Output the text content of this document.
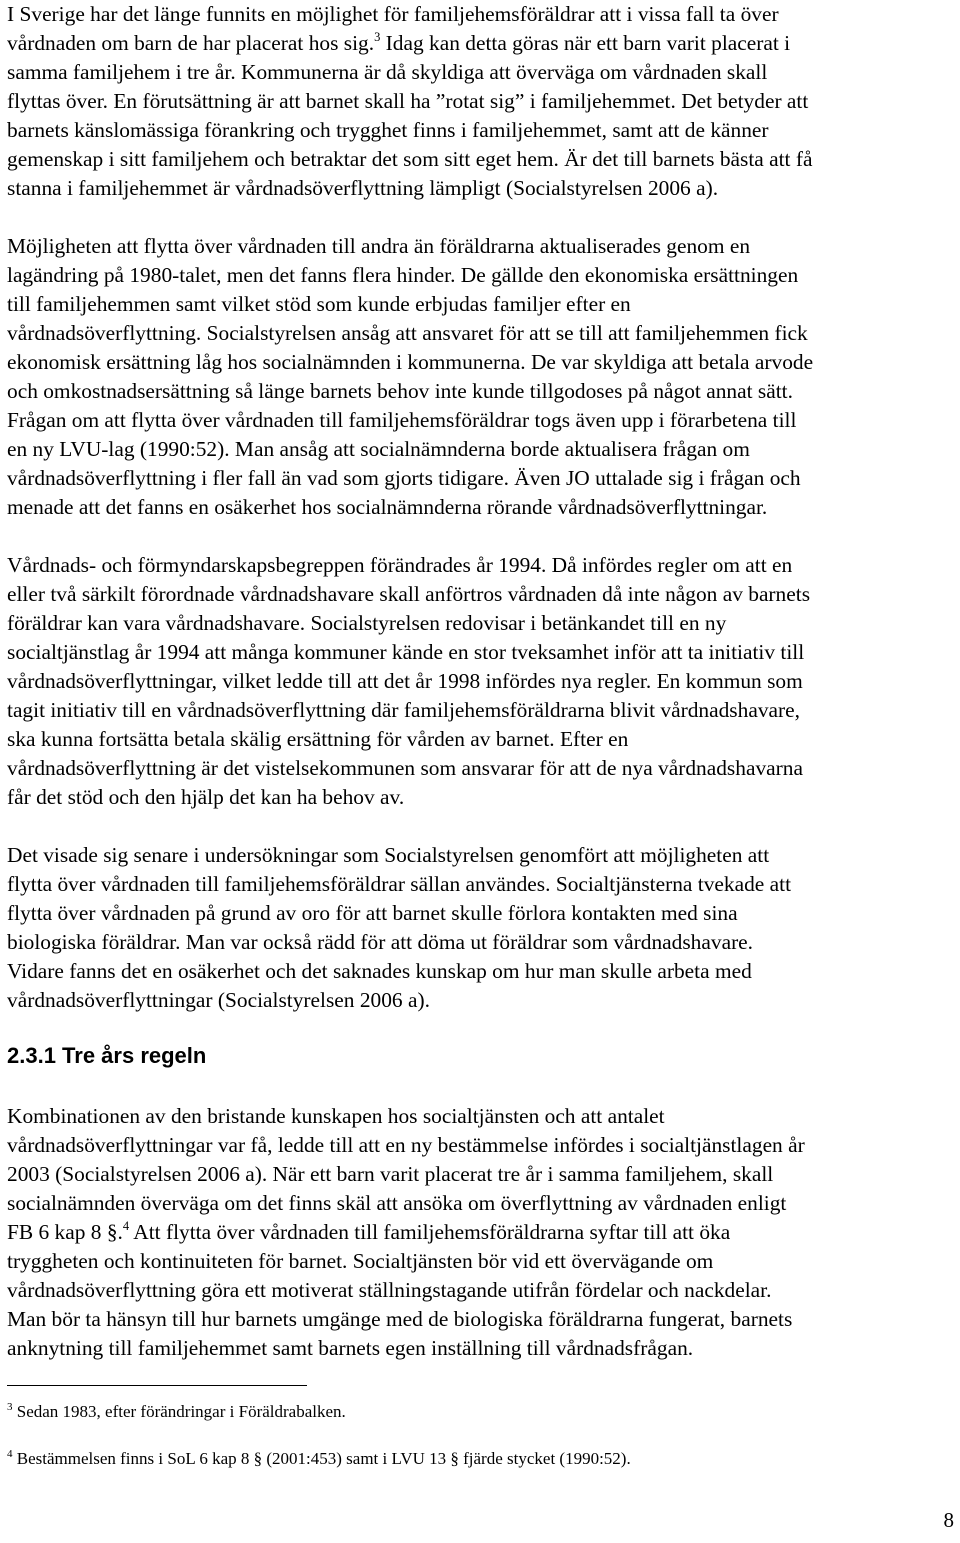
I Sverige har det länge funnits en möjlighet för familjehemsföräldrar att i vissa fall ta över
vårdnaden om barn de har placerat hos sig.$^3$ Idag kan detta göras när ett barn varit placerat i
samma familjehem i tre år. Kommunerna är då skyldiga att överväga om vårdnaden skall
flyttas över. En förutsättning är att barnet skall ha ”rotat sig” i familjehemmet. Det betyder att
barnets känslomässiga förankring och trygghet finns i familjehemmet, samt att de känner
gemenskap i sitt familjehem och betraktar det som sitt eget hem. Är det till barnets bästa att få
stanna i familjehemmet är vårdnadsöverflyttning lämpligt (Socialstyrelsen 2006 a).
Möjligheten att flytta över vårdnaden till andra än föräldrarna aktualiserades genom en
lagändring på 1980-talet, men det fanns flera hinder. De gällde den ekonomiska ersättningen
till familjehemmen samt vilket stöd som kunde erbjudas familjer efter en
vårdnadsöverflyttning. Socialstyrelsen ansåg att ansvaret för att se till att familjehemmen fick
ekonomisk ersättning låg hos socialnämnden i kommunerna. De var skyldiga att betala arvode
och omkostnadsersättning så länge barnets behov inte kunde tillgodoses på något annat sätt.
Frågan om att flytta över vårdnaden till familjehemsföräldrar togs även upp i förarbetena till
en ny LVU-lag (1990:52). Man ansåg att socialnämnderna borde aktualisera frågan om
vårdnadsöverflyttning i fler fall än vad som gjorts tidigare. Även JO uttalade sig i frågan och
menade att det fanns en osäkerhet hos socialnämnderna rörande vårdnadsöverflyttningar.
Vårdnads- och förmyndarskapsbegreppen förändrades år 1994. Då infördes regler om att en
eller två särkilt förordnade vårdnadshavare skall anförtros vårdnaden då inte någon av barnets
föräldrar kan vara vårdnadshavare. Socialstyrelsen redovisar i betänkandet till en ny
socialtjänstlag år 1994 att många kommuner kände en stor tveksamhet inför att ta initiativ till
vårdnadsöverflyttningar, vilket ledde till att det år 1998 infördes nya regler. En kommun som
tagit initiativ till en vårdnadsöverflyttning där familjehemsföräldrarna blivit vårdnadshavare,
ska kunna fortsätta betala skälig ersättning för vården av barnet. Efter en
vårdnadsöverflyttning är det vistelsekommunen som ansvarar för att de nya vårdnadshavarna
får det stöd och den hjälp det kan ha behov av.
Det visade sig senare i undersökningar som Socialstyrelsen genomfört att möjligheten att
flytta över vårdnaden till familjehemsföräldrar sällan användes. Socialtjänsterna tvekade att
flytta över vårdnaden på grund av oro för att barnet skulle förlora kontakten med sina
biologiska föräldrar. Man var också rädd för att döma ut föräldrar som vårdnadshavare.
Vidare fanns det en osäkerhet och det saknades kunskap om hur man skulle arbeta med
vårdnadsöverflyttningar (Socialstyrelsen 2006 a).
2.3.1 Tre års regeln
Kombinationen av den bristande kunskapen hos socialtjänsten och att antalet
vårdnadsöverflyttningar var få, ledde till att en ny bestämmelse infördes i socialtjänstlagen år
2003 (Socialstyrelsen 2006 a). När ett barn varit placerat tre år i samma familjehem, skall
socialnämnden överväga om det finns skäl att ansöka om överflyttning av vårdnaden enligt
FB 6 kap 8 §.$^4$ Att flytta över vårdnaden till familjehemsföräldrarna syftar till att öka
tryggheten och kontinuiteten för barnet. Socialtjänsten bör vid ett övervägande om
vårdnadsöverflyttning göra ett motiverat ställningstagande utifrån fördelar och nackdelar.
Man bör ta hänsyn till hur barnets umgänge med de biologiska föräldrarna fungerat, barnets
anknytning till familjehemmet samt barnets egen inställning till vårdnadsfrågan.

$^3$ Sedan 1983, efter förändringar i Föräldrabalken.

$^4$ Bestämmelsen finns i SoL 6 kap 8 § (2001:453) samt i LVU 13 § fjärde stycket (1990:52).

8
